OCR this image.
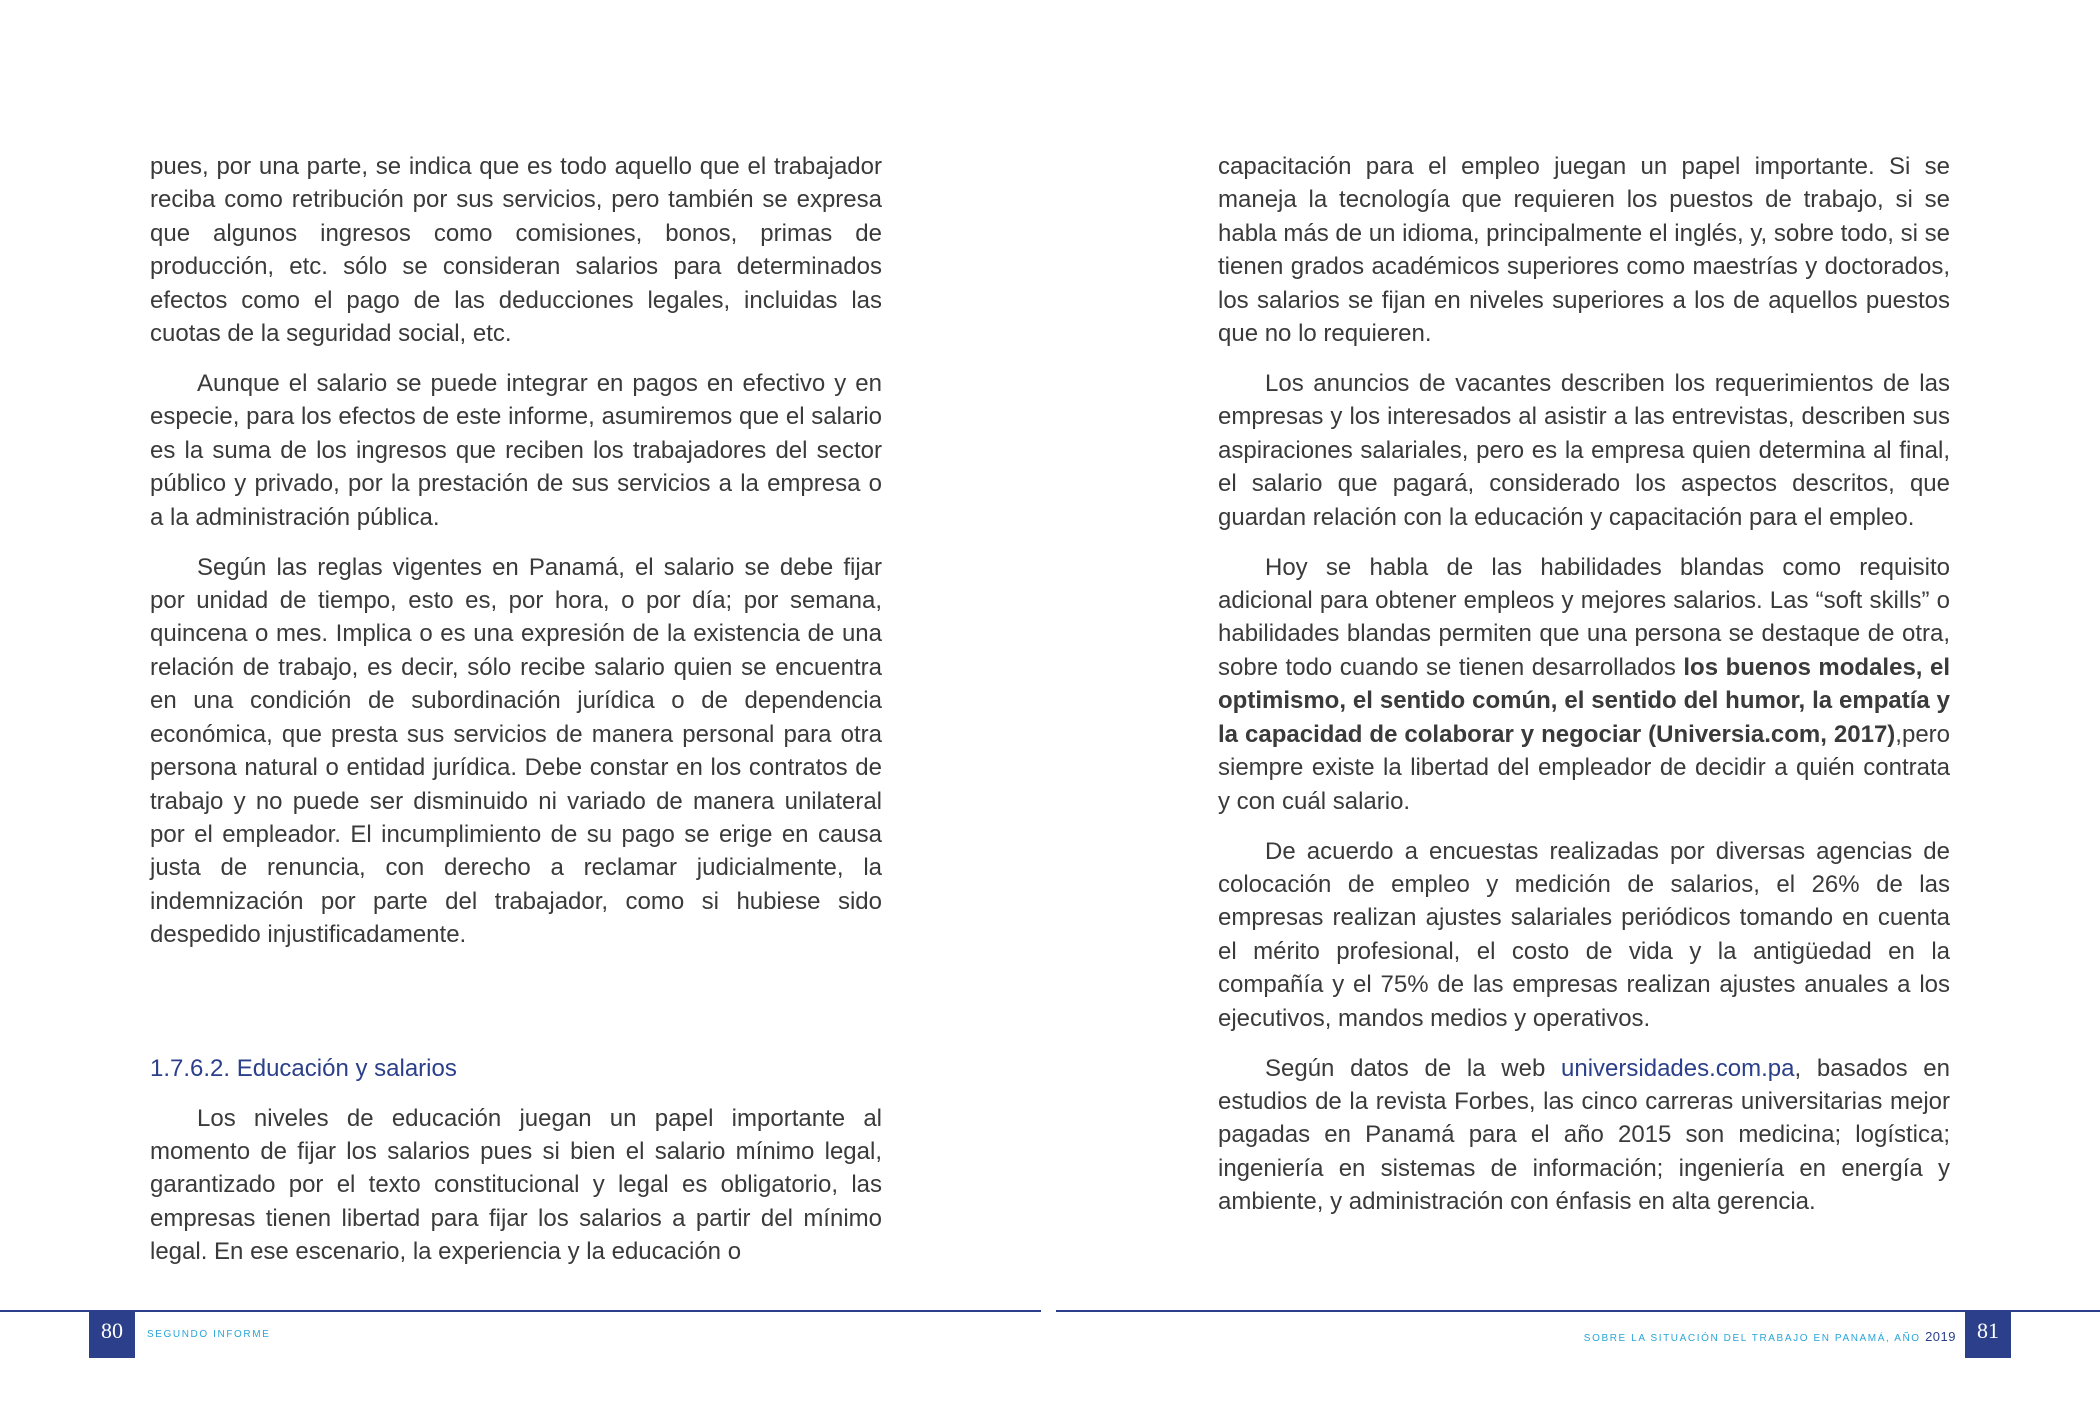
pues, por una parte, se indica que es todo aquello que el trabajador reciba como retribución por sus servicios, pero también se expresa que algunos ingresos como comisiones, bonos, primas de producción, etc. sólo se consideran salarios para determinados efectos como el pago de las deducciones legales, incluidas las cuotas de la seguridad social, etc.

Aunque el salario se puede integrar en pagos en efectivo y en especie, para los efectos de este informe, asumiremos que el salario es la suma de los ingresos que reciben los trabajadores del sector público y privado, por la prestación de sus servicios a la empresa o a la administración pública.

Según las reglas vigentes en Panamá, el salario se debe fijar por unidad de tiempo, esto es, por hora, o por día; por semana, quincena o mes. Implica o es una expresión de la existencia de una relación de trabajo, es decir, sólo recibe salario quien se encuentra en una condición de subordinación jurídica o de dependencia económica, que presta sus servicios de manera personal para otra persona natural o entidad jurídica. Debe constar en los contratos de trabajo y no puede ser disminuido ni variado de manera unilateral por el empleador. El incumplimiento de su pago se erige en causa justa de renuncia, con derecho a reclamar judicialmente, la indemnización por parte del trabajador, como si hubiese sido despedido injustificadamente.

1.7.6.2. Educación y salarios

Los niveles de educación juegan un papel importante al momento de fijar los salarios pues si bien el salario mínimo legal, garantizado por el texto constitucional y legal es obligatorio, las empresas tienen libertad para fijar los salarios a partir del mínimo legal. En ese escenario, la experiencia y la educación o

capacitación para el empleo juegan un papel importante. Si se maneja la tecnología que requieren los puestos de trabajo, si se habla más de un idioma, principalmente el inglés, y, sobre todo, si se tienen grados académicos superiores como maestrías y doctorados, los salarios se fijan en niveles superiores a los de aquellos puestos que no lo requieren.

Los anuncios de vacantes describen los requerimientos de las empresas y los interesados al asistir a las entrevistas, describen sus aspiraciones salariales, pero es la empresa quien determina al final, el salario que pagará, considerado los aspectos descritos, que guardan relación con la educación y capacitación para el empleo.

Hoy se habla de las habilidades blandas como requisito adicional para obtener empleos y mejores salarios. Las “soft skills” o habilidades blandas permiten que una persona se destaque de otra, sobre todo cuando se tienen desarrollados los buenos modales, el optimismo, el sentido común, el sentido del humor, la empatía y la capacidad de colaborar y negociar (Universia.com, 2017),pero siempre existe la libertad del empleador de decidir a quién contrata y con cuál salario.

De acuerdo a encuestas realizadas por diversas agencias de colocación de empleo y medición de salarios, el 26% de las empresas realizan ajustes salariales periódicos tomando en cuenta el mérito profesional, el costo de vida y la antigüedad en la compañía y el 75% de las empresas realizan ajustes anuales a los ejecutivos, mandos medios y operativos.

Según datos de la web universidades.com.pa, basados en estudios de la revista Forbes, las cinco carreras universitarias mejor pagadas en Panamá para el año 2015 son medicina; logística; ingeniería en sistemas de información; ingeniería en energía y ambiente, y administración con énfasis en alta gerencia.

80	SEGUNDO INFORME	SOBRE LA SITUACIÓN DEL TRABAJO EN PANAMÁ, AÑO 2019 81
